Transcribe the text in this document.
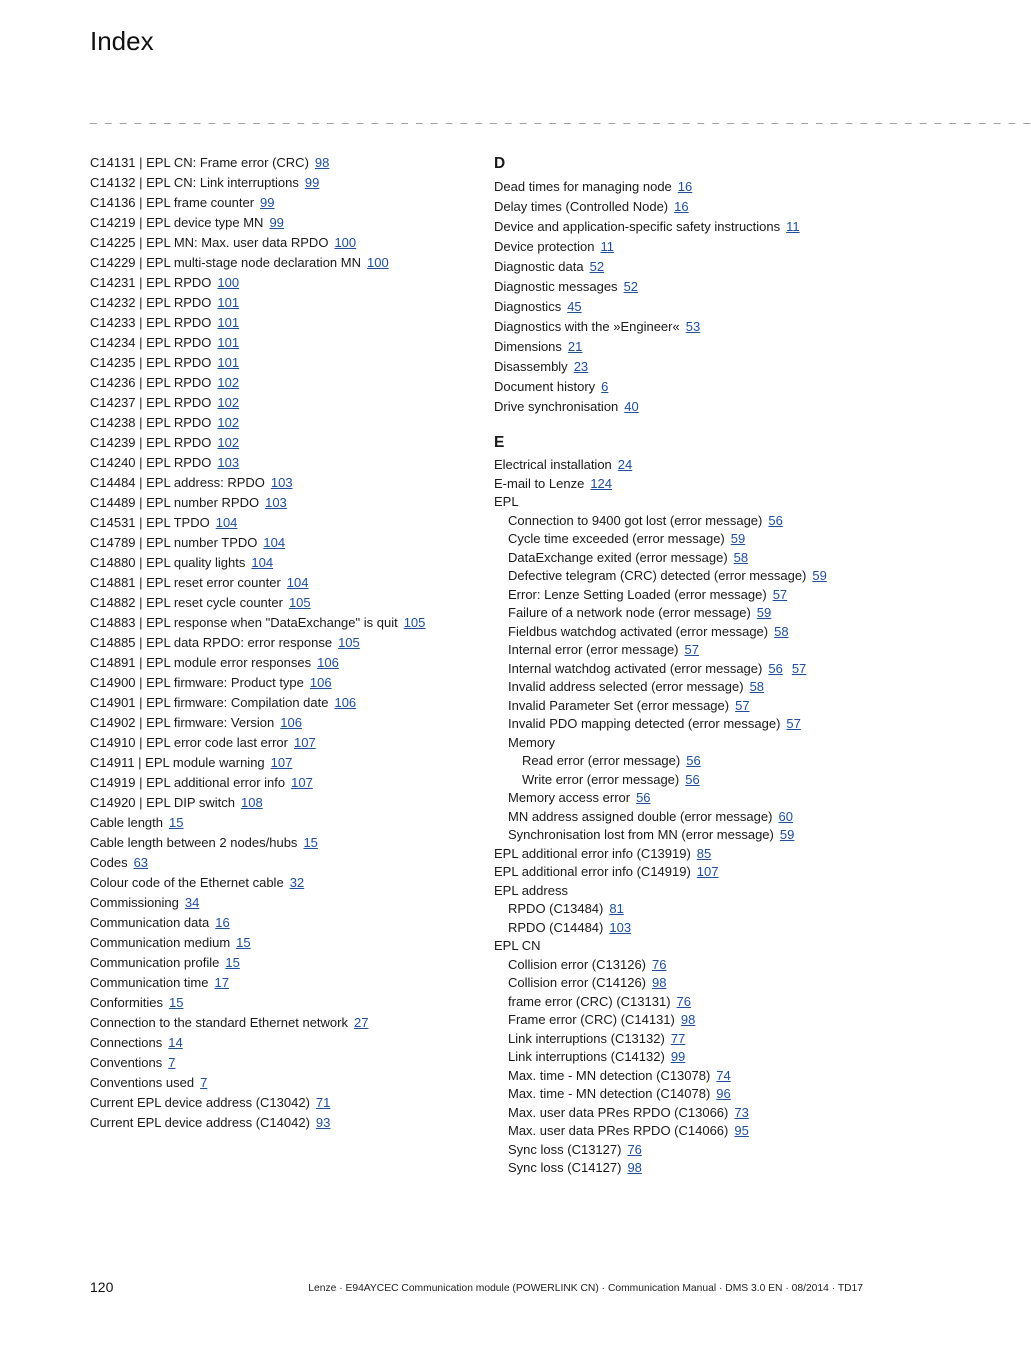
Index
_ _ _ _ _ _ _ _ _ _ _ _ _ _ _ _ _ _ _ _ _ _ _ _ _ _ _ _ _ _ _ _ _ _ _ _ _ _ _ _ _ _ _ _ _ _ _ _ _ _ _ _ _ _ _ _ _ _ _ _ _ _ _ _
C14131 | EPL CN: Frame error (CRC) 98
C14132 | EPL CN: Link interruptions 99
C14136 | EPL frame counter 99
C14219 | EPL device type MN 99
C14225 | EPL MN: Max. user data RPDO 100
C14229 | EPL multi-stage node declaration MN 100
C14231 | EPL RPDO 100
C14232 | EPL RPDO 101
C14233 | EPL RPDO 101
C14234 | EPL RPDO 101
C14235 | EPL RPDO 101
C14236 | EPL RPDO 102
C14237 | EPL RPDO 102
C14238 | EPL RPDO 102
C14239 | EPL RPDO 102
C14240 | EPL RPDO 103
C14484 | EPL address: RPDO 103
C14489 | EPL number RPDO 103
C14531 | EPL TPDO 104
C14789 | EPL number TPDO 104
C14880 | EPL quality lights 104
C14881 | EPL reset error counter 104
C14882 | EPL reset cycle counter 105
C14883 | EPL response when "DataExchange" is quit 105
C14885 | EPL data RPDO: error response 105
C14891 | EPL module error responses 106
C14900 | EPL firmware: Product type 106
C14901 | EPL firmware: Compilation date 106
C14902 | EPL firmware: Version 106
C14910 | EPL error code last error 107
C14911 | EPL module warning 107
C14919 | EPL additional error info 107
C14920 | EPL DIP switch 108
Cable length 15
Cable length between 2 nodes/hubs 15
Codes 63
Colour code of the Ethernet cable 32
Commissioning 34
Communication data 16
Communication medium 15
Communication profile 15
Communication time 17
Conformities 15
Connection to the standard Ethernet network 27
Connections 14
Conventions 7
Conventions used 7
Current EPL device address (C13042) 71
Current EPL device address (C14042) 93
D
Dead times for managing node 16
Delay times (Controlled Node) 16
Device and application-specific safety instructions 11
Device protection 11
Diagnostic data 52
Diagnostic messages 52
Diagnostics 45
Diagnostics with the »Engineer« 53
Dimensions 21
Disassembly 23
Document history 6
Drive synchronisation 40
E
Electrical installation 24
E-mail to Lenze 124
EPL
Connection to 9400 got lost (error message) 56
Cycle time exceeded (error message) 59
DataExchange exited (error message) 58
Defective telegram (CRC) detected (error message) 59
Error: Lenze Setting Loaded (error message) 57
Failure of a network node (error message) 59
Fieldbus watchdog activated (error message) 58
Internal error (error message) 57
Internal watchdog activated (error message) 56 57
Invalid address selected (error message) 58
Invalid Parameter Set (error message) 57
Invalid PDO mapping detected (error message) 57
Memory
Read error (error message) 56
Write error (error message) 56
Memory access error 56
MN address assigned double (error message) 60
Synchronisation lost from MN (error message) 59
EPL additional error info (C13919) 85
EPL additional error info (C14919) 107
EPL address
RPDO (C13484) 81
RPDO (C14484) 103
EPL CN
Collision error (C13126) 76
Collision error (C14126) 98
frame error (CRC) (C13131) 76
Frame error (CRC) (C14131) 98
Link interruptions (C13132) 77
Link interruptions (C14132) 99
Max. time - MN detection (C13078) 74
Max. time - MN detection (C14078) 96
Max. user data PRes RPDO (C13066) 73
Max. user data PRes RPDO (C14066) 95
Sync loss (C13127) 76
Sync loss (C14127) 98
120	Lenze · E94AYCEC Communication module (POWERLINK CN) · Communication Manual · DMS 3.0 EN · 08/2014 · TD17
